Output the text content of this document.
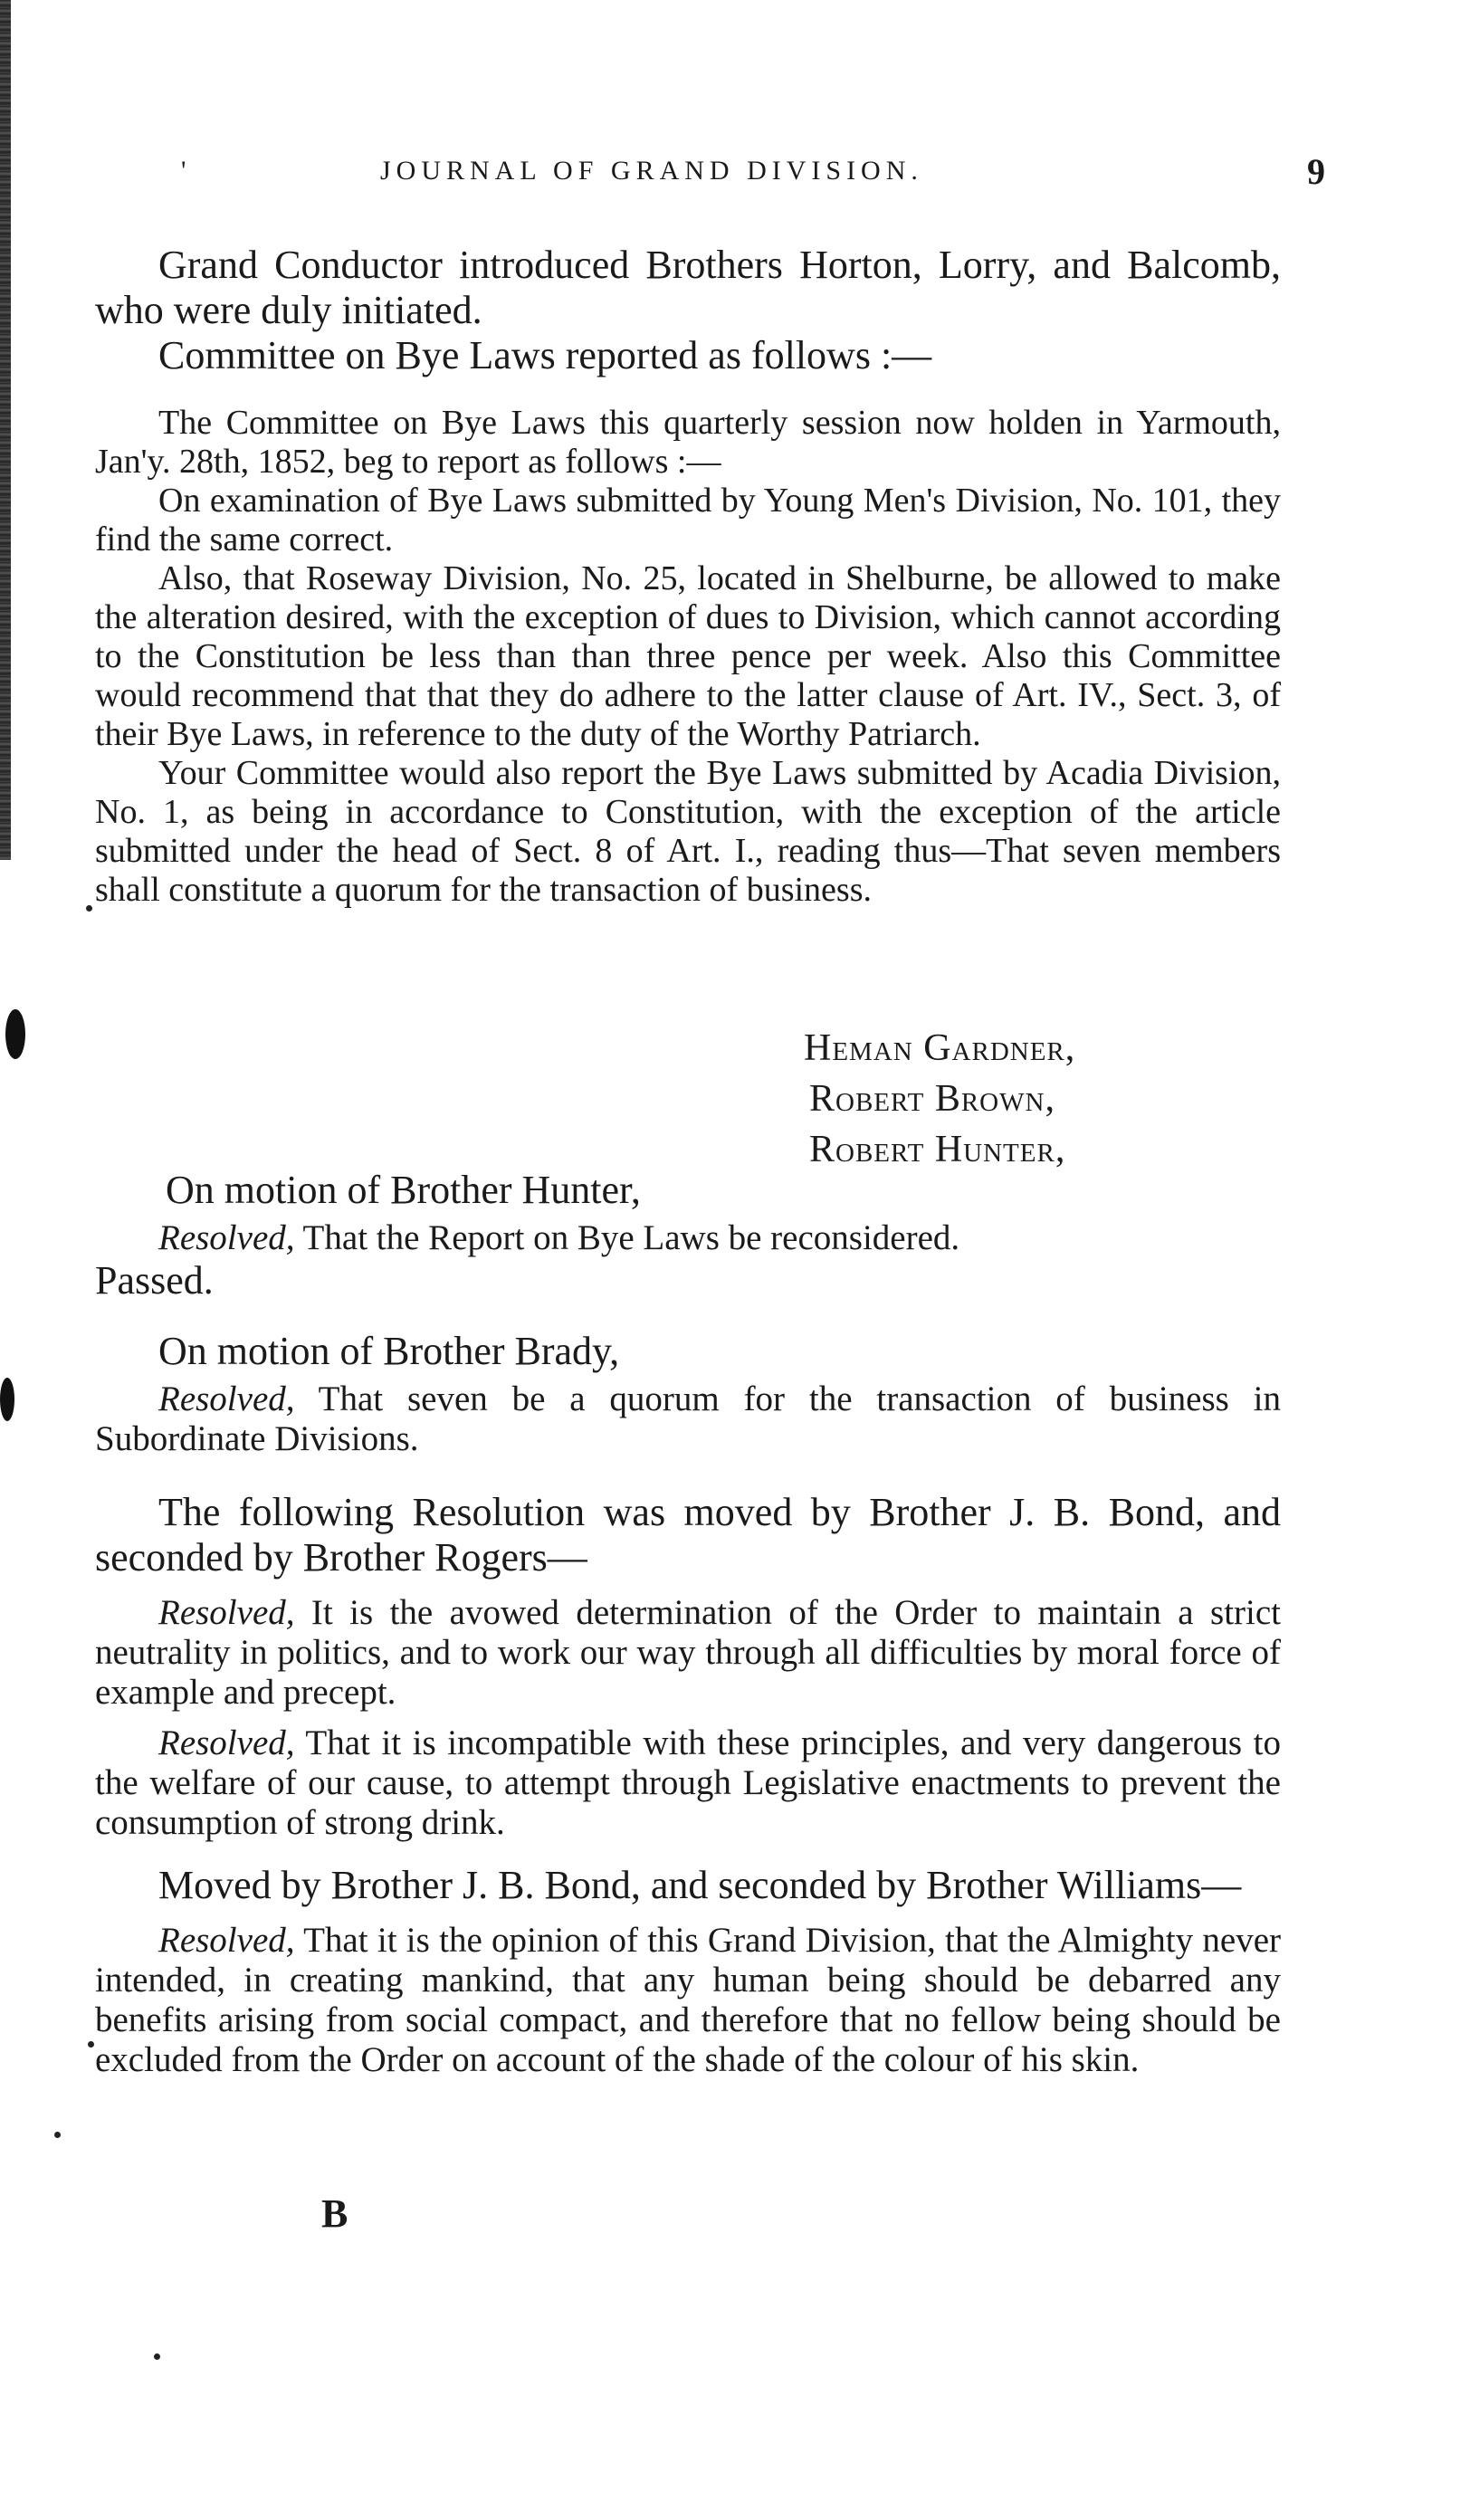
'	JOURNAL OF GRAND DIVISION.	9

Grand Conductor introduced Brothers Horton, Lorry, and Balcomb, who were duly initiated.

Committee on Bye Laws reported as follows :—

The Committee on Bye Laws this quarterly session now holden in Yarmouth, Jan'y. 28th, 1852, beg to report as follows :—

On examination of Bye Laws submitted by Young Men's Division, No. 101, they find the same correct.

Also, that Roseway Division, No. 25, located in Shelburne, be allowed to make the alteration desired, with the exception of dues to Division, which cannot according to the Constitution be less than than three pence per week. Also this Committee would recommend that that they do adhere to the latter clause of Art. IV., Sect. 3, of their Bye Laws, in reference to the duty of the Worthy Patriarch.

Your Committee would also report the Bye Laws submitted by Acadia Division, No. 1, as being in accordance to Constitution, with the exception of the article submitted under the head of Sect. 8 of Art. I., reading thus—That seven members shall constitute a quorum for the transaction of business.

Heman Gardner,
Robert Brown,
Robert Hunter,

On motion of Brother Hunter,

Resolved, That the Report on Bye Laws be reconsidered.

Passed.

On motion of Brother Brady,

Resolved, That seven be a quorum for the transaction of business in Subordinate Divisions.

The following Resolution was moved by Brother J. B. Bond, and seconded by Brother Rogers—

Resolved, It is the avowed determination of the Order to maintain a strict neutrality in politics, and to work our way through all difficulties by moral force of example and precept.

Resolved, That it is incompatible with these principles, and very dangerous to the welfare of our cause, to attempt through Legislative enactments to prevent the consumption of strong drink.

Moved by Brother J. B. Bond, and seconded by Brother Williams—

Resolved, That it is the opinion of this Grand Division, that the Almighty never intended, in creating mankind, that any human being should be debarred any benefits arising from social compact, and therefore that no fellow being should be excluded from the Order on account of the shade of the colour of his skin.

B
